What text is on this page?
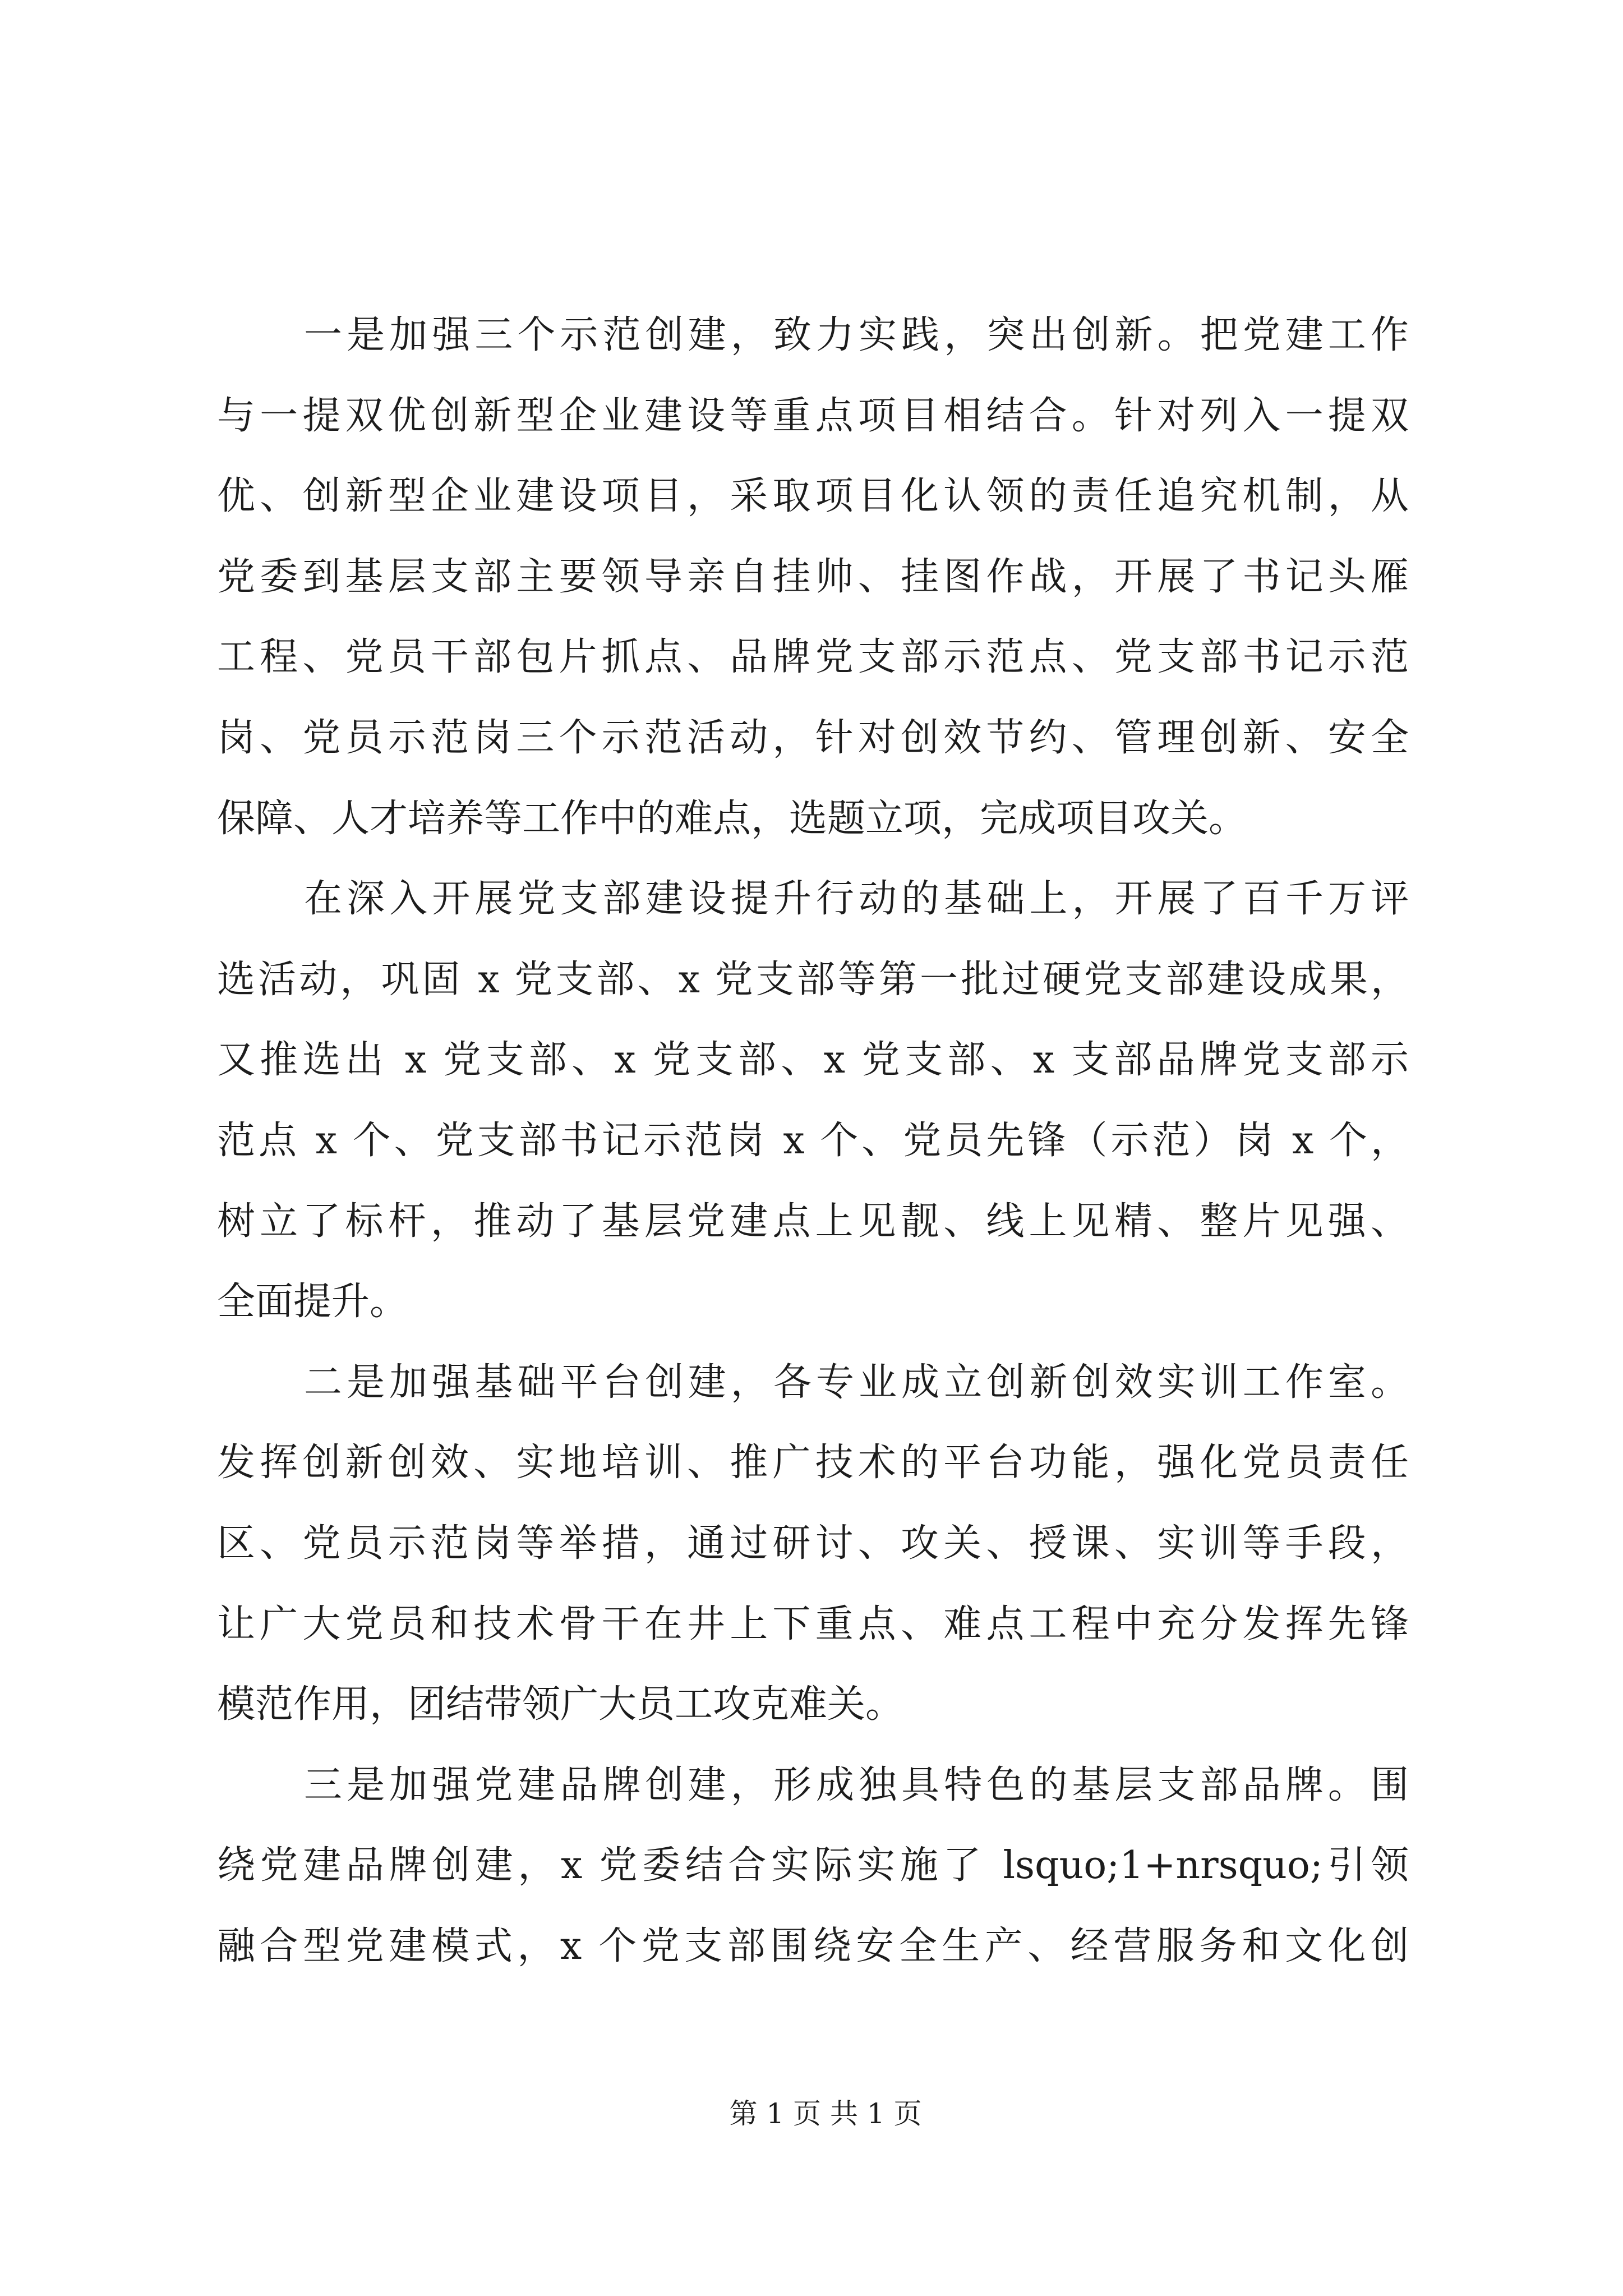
一是加强三个示范创建，致力实践，突出创新。把党建工作
与一提双优创新型企业建设等重点项目相结合。针对列入一提双
优、创新型企业建设项目，采取项目化认领的责任追究机制，从
党委到基层支部主要领导亲自挂帅、挂图作战，开展了书记头雁
工程、党员干部包片抓点、品牌党支部示范点、党支部书记示范
岗、党员示范岗三个示范活动，针对创效节约、管理创新、安全
保障、人才培养等工作中的难点，选题立项，完成项目攻关。
在深入开展党支部建设提升行动的基础上，开展了百千万评
选活动，巩固 x 党支部、x 党支部等第一批过硬党支部建设成果，
又推选出 x 党支部、x 党支部、x 党支部、x 支部品牌党支部示
范点 x 个、党支部书记示范岗 x 个、党员先锋（示范）岗 x 个，
树立了标杆，推动了基层党建点上见靓、线上见精、整片见强、
全面提升。
二是加强基础平台创建，各专业成立创新创效实训工作室。
发挥创新创效、实地培训、推广技术的平台功能，强化党员责任
区、党员示范岗等举措，通过研讨、攻关、授课、实训等手段，
让广大党员和技术骨干在井上下重点、难点工程中充分发挥先锋
模范作用，团结带领广大员工攻克难关。
三是加强党建品牌创建，形成独具特色的基层支部品牌。围
绕党建品牌创建，x 党委结合实际实施了 lsquo;1+nrsquo;引领
融合型党建模式，x 个党支部围绕安全生产、经营服务和文化创
第 1 页 共 1 页
